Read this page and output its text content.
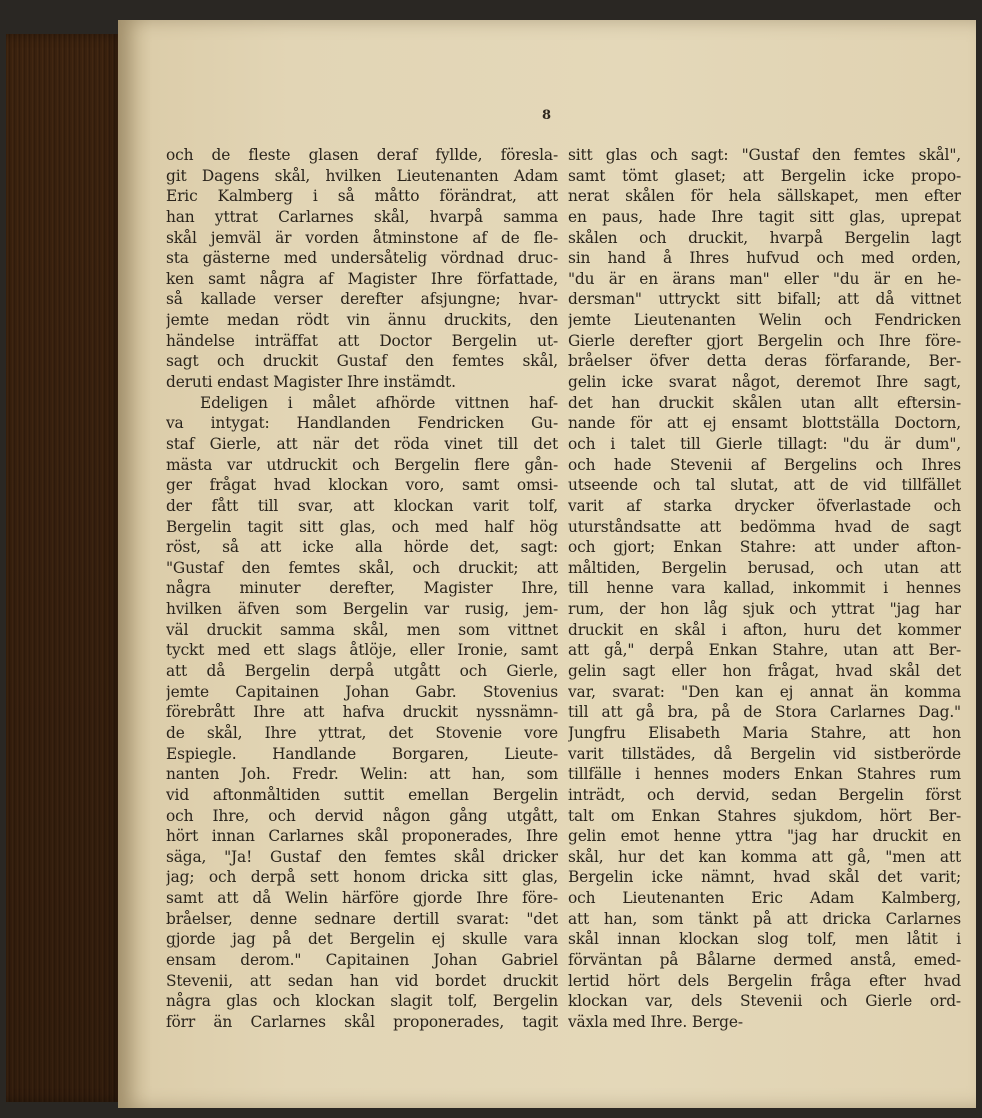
8
och de fleste glasen deraf fyllde, föresla-
git Dagens skål, hvilken Lieutenanten Adam
Eric Kalmberg i så måtto förändrat, att
han yttrat Carlarnes skål, hvarpå samma
skål jemväl är vorden åtminstone af de fle-
sta gästerne med undersåtelig vördnad druc-
ken samt några af Magister Ihre författade,
så kallade verser derefter afsjungne; hvar-
jemte medan rödt vin ännu druckits, den
händelse inträffat att Doctor Bergelin ut-
sagt och druckit Gustaf den femtes skål,
deruti endast Magister Ihre instämdt.
Edeligen i målet afhörde vittnen haf-
va intygat: Handlanden Fendricken Gu-
staf Gierle, att när det röda vinet till det
mästa var utdruckit och Bergelin flere gån-
ger frågat hvad klockan voro, samt omsi-
der fått till svar, att klockan varit tolf,
Bergelin tagit sitt glas, och med half hög
röst, så att icke alla hörde det, sagt:
"Gustaf den femtes skål, och druckit; att
några minuter derefter, Magister Ihre,
hvilken äfven som Bergelin var rusig, jem-
väl druckit samma skål, men som vittnet
tyckt med ett slags åtlöje, eller Ironie, samt
att då Bergelin derpå utgått och Gierle,
jemte Capitainen Johan Gabr. Stovenius
förebrått Ihre att hafva druckit nyssnämn-
de skål, Ihre yttrat, det Stovenie vore
Espiegle. Handlande Borgaren, Lieute-
nanten Joh. Fredr. Welin: att han, som
vid aftonmåltiden suttit emellan Bergelin
och Ihre, och dervid någon gång utgått,
hört innan Carlarnes skål proponerades, Ihre
säga, "Ja! Gustaf den femtes skål dricker
jag; och derpå sett honom dricka sitt glas,
samt att då Welin härföre gjorde Ihre före-
bråelser, denne sednare dertill svarat: "det
gjorde jag på det Bergelin ej skulle vara
ensam derom." Capitainen Johan Gabriel
Stevenii, att sedan han vid bordet druckit
några glas och klockan slagit tolf, Bergelin
förr än Carlarnes skål proponerades, tagit
sitt glas och sagt: "Gustaf den femtes skål",
samt tömt glaset; att Bergelin icke propo-
nerat skålen för hela sällskapet, men efter
en paus, hade Ihre tagit sitt glas, uprepat
skålen och druckit, hvarpå Bergelin lagt
sin hand å Ihres hufvud och med orden,
"du är en ärans man" eller "du är en he-
dersman" uttryckt sitt bifall; att då vittnet
jemte Lieutenanten Welin och Fendricken
Gierle derefter gjort Bergelin och Ihre före-
bråelser öfver detta deras förfarande, Ber-
gelin icke svarat något, deremot Ihre sagt,
det han druckit skålen utan allt eftersin-
nande för att ej ensamt blottställa Doctorn,
och i talet till Gierle tillagt: "du är dum",
och hade Stevenii af Bergelins och Ihres
utseende och tal slutat, att de vid tillfället
varit af starka drycker öfverlastade och
uturståndsatte att bedömma hvad de sagt
och gjort; Enkan Stahre: att under afton-
måltiden, Bergelin berusad, och utan att
till henne vara kallad, inkommit i hennes
rum, der hon låg sjuk och yttrat "jag har
druckit en skål i afton, huru det kommer
att gå," derpå Enkan Stahre, utan att Ber-
gelin sagt eller hon frågat, hvad skål det
var, svarat: "Den kan ej annat än komma
till att gå bra, på de Stora Carlarnes Dag."
Jungfru Elisabeth Maria Stahre, att hon
varit tillstädes, då Bergelin vid sistberörde
tillfälle i hennes moders Enkan Stahres rum
inträdt, och dervid, sedan Bergelin först
talt om Enkan Stahres sjukdom, hört Ber-
gelin emot henne yttra "jag har druckit en
skål, hur det kan komma att gå, "men att
Bergelin icke nämnt, hvad skål det varit;
och Lieutenanten Eric Adam Kalmberg,
att han, som tänkt på att dricka Carlarnes
skål innan klockan slog tolf, men låtit i
förväntan på Bålarne dermed anstå, emed-
lertid hört dels Bergelin fråga efter hvad
klockan var, dels Stevenii och Gierle ord-
växla med Ihre. Berge-
